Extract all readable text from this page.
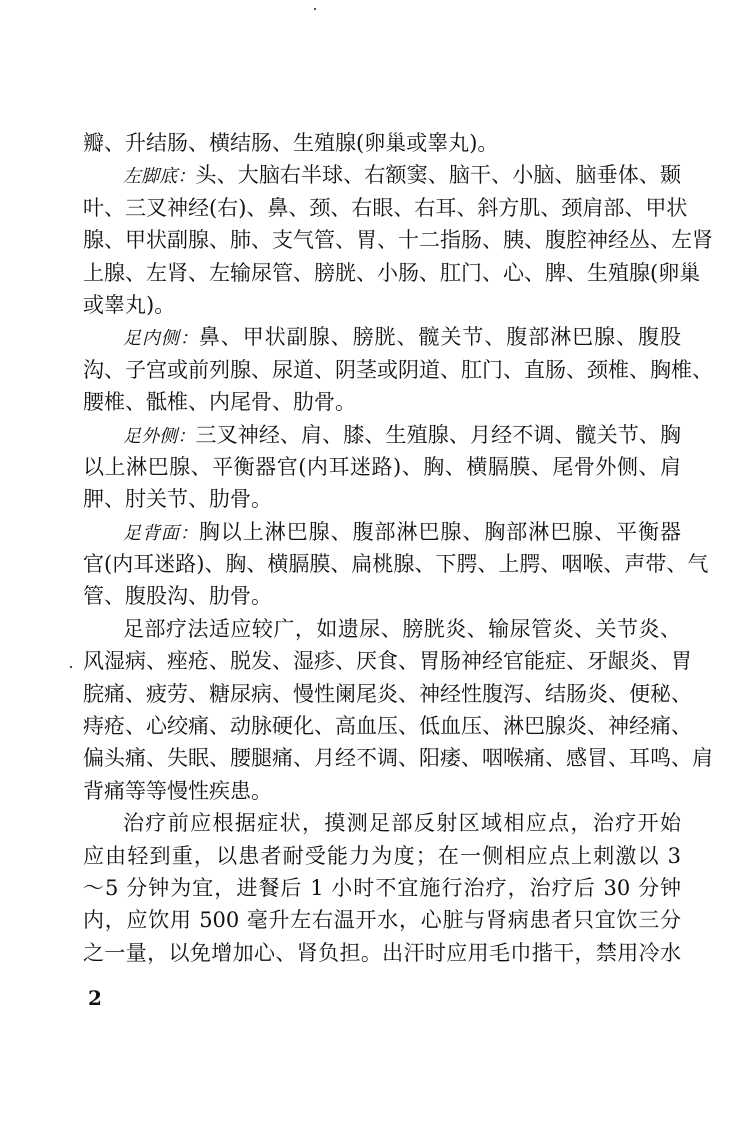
瓣、升结肠、横结肠、生殖腺(卵巢或睾丸)。
左脚底：头、大脑右半球、右额窦、脑干、小脑、脑垂体、颞
叶、三叉神经(右)、鼻、颈、右眼、右耳、斜方肌、颈肩部、甲状
腺、甲状副腺、肺、支气管、胃、十二指肠、胰、腹腔神经丛、左肾
上腺、左肾、左输尿管、膀胱、小肠、肛门、心、脾、生殖腺(卵巢
或睾丸)。
足内侧：鼻、甲状副腺、膀胱、髋关节、腹部淋巴腺、腹股
沟、子宫或前列腺、尿道、阴茎或阴道、肛门、直肠、颈椎、胸椎、
腰椎、骶椎、内尾骨、肋骨。
足外侧：三叉神经、肩、膝、生殖腺、月经不调、髋关节、胸
以上淋巴腺、平衡器官(内耳迷路)、胸、横膈膜、尾骨外侧、肩
胛、肘关节、肋骨。
足背面：胸以上淋巴腺、腹部淋巴腺、胸部淋巴腺、平衡器
官(内耳迷路)、胸、横膈膜、扁桃腺、下腭、上腭、咽喉、声带、气
管、腹股沟、肋骨。
足部疗法适应较广，如遗尿、膀胱炎、输尿管炎、关节炎、
风湿病、痤疮、脱发、湿疹、厌食、胃肠神经官能症、牙龈炎、胃
脘痛、疲劳、糖尿病、慢性阑尾炎、神经性腹泻、结肠炎、便秘、
痔疮、心绞痛、动脉硬化、高血压、低血压、淋巴腺炎、神经痛、
偏头痛、失眠、腰腿痛、月经不调、阳痿、咽喉痛、感冒、耳鸣、肩
背痛等等慢性疾患。
治疗前应根据症状，摸测足部反射区域相应点，治疗开始
应由轻到重，以患者耐受能力为度；在一侧相应点上刺激以 3
～5 分钟为宜，进餐后 1 小时不宜施行治疗，治疗后 30 分钟
内，应饮用 500 毫升左右温开水，心脏与肾病患者只宜饮三分
之一量，以免增加心、肾负担。出汗时应用毛巾揩干，禁用冷水
2
